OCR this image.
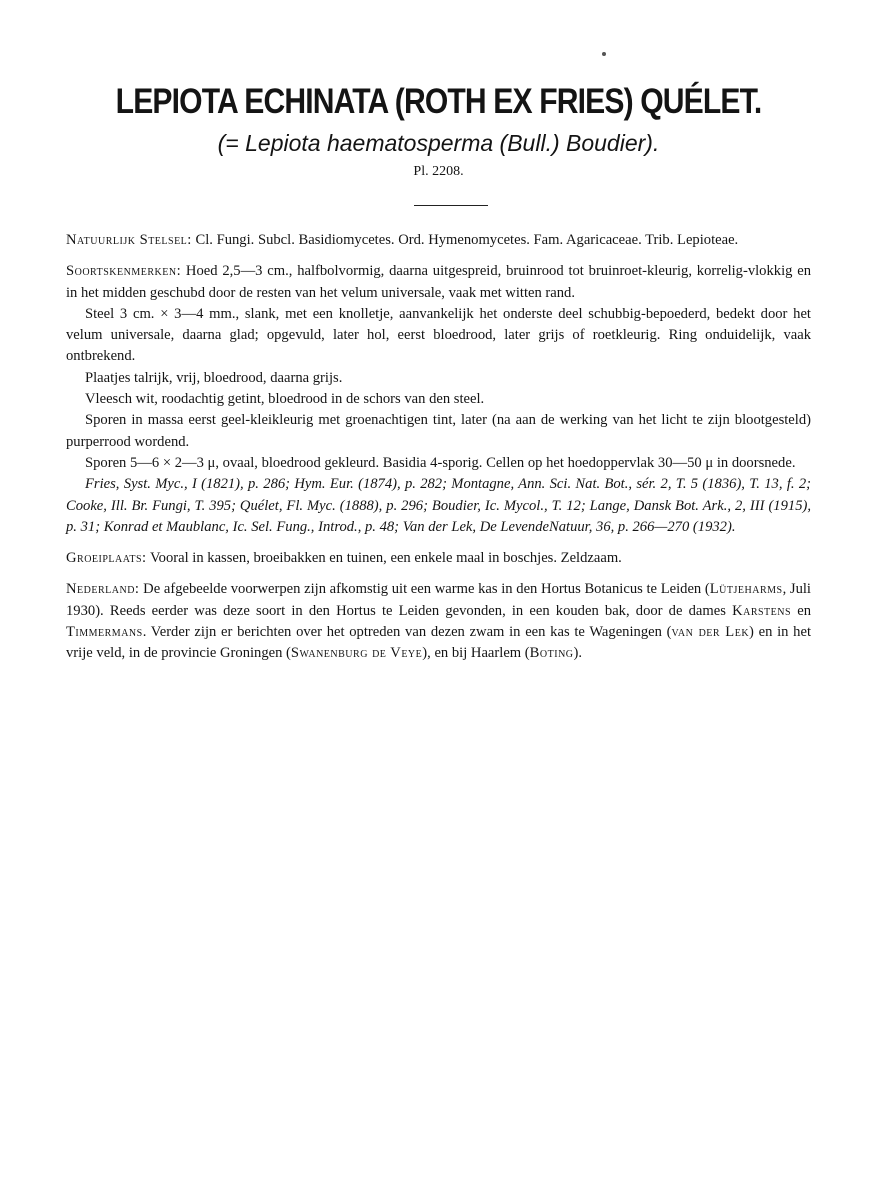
LEPIOTA ECHINATA (ROTH EX FRIES) QUÉLET.
(= Lepiota haematosperma (Bull.) Boudier).
Pl. 2208.

Natuurlijk Stelsel: Cl. Fungi. Subcl. Basidiomycetes. Ord. Hymenomycetes. Fam. Agaricaceae. Trib. Lepioteae.

Soortskenmerken: Hoed 2,5—3 cm., halfbolvormig, daarna uitgespreid, bruinrood tot bruinroet-kleurig, korrelig-vlokkig en in het midden geschubd door de resten van het velum universale, vaak met witten rand.

Steel 3 cm. × 3—4 mm., slank, met een knolletje, aanvankelijk het onderste deel schubbig-bepoederd, bedekt door het velum universale, daarna glad; opgevuld, later hol, eerst bloedrood, later grijs of roetkleurig. Ring onduidelijk, vaak ontbrekend.

Plaatjes talrijk, vrij, bloedrood, daarna grijs.

Vleesch wit, roodachtig getint, bloedrood in de schors van den steel.

Sporen in massa eerst geel-kleikleurig met groenachtigen tint, later (na aan de werking van het licht te zijn blootgesteld) purperrood wordend.

Sporen 5—6 × 2—3 μ, ovaal, bloedrood gekleurd. Basidia 4-sporig. Cellen op het hoedoppervlak 30—50 μ in doorsnede.

Fries, Syst. Myc., I (1821), p. 286; Hym. Eur. (1874), p. 282; Montagne, Ann. Sci. Nat. Bot., sér. 2, T. 5 (1836), T. 13, f. 2; Cooke, Ill. Br. Fungi, T. 395; Quélet, Fl. Myc. (1888), p. 296; Boudier, Ic. Mycol., T. 12; Lange, Dansk Bot. Ark., 2, III (1915), p. 31; Konrad et Maublanc, Ic. Sel. Fung., Introd., p. 48; Van der Lek, De LevendeNatuur, 36, p. 266—270 (1932).

Groeiplaats: Vooral in kassen, broeibakken en tuinen, een enkele maal in boschjes. Zeldzaam.

Nederland: De afgebeelde voorwerpen zijn afkomstig uit een warme kas in den Hortus Botanicus te Leiden (Lütjeharms, Juli 1930). Reeds eerder was deze soort in den Hortus te Leiden gevonden, in een kouden bak, door de dames Karstens en Timmermans. Verder zijn er berichten over het optreden van dezen zwam in een kas te Wageningen (van der Lek) en in het vrije veld, in de provincie Groningen (Swanenburg de Veye), en bij Haarlem (Boting).
